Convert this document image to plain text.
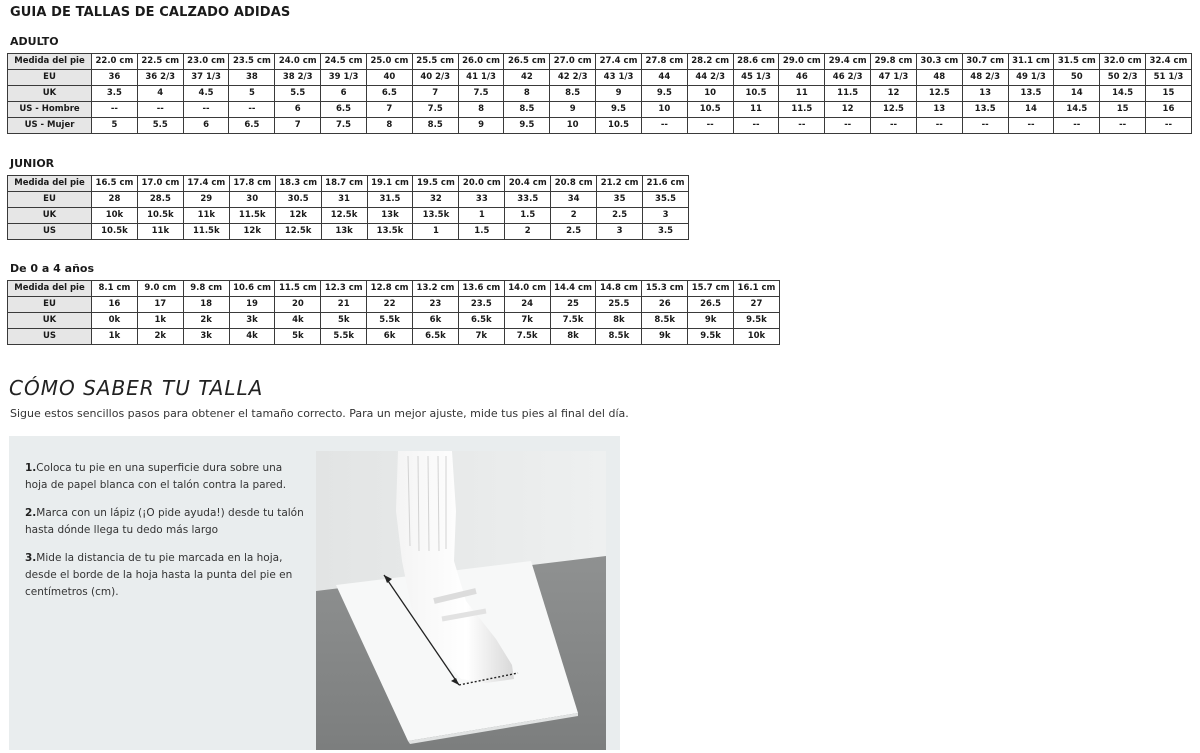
GUIA DE TALLAS DE CALZADO ADIDAS
ADULTO
Medida del pie	22.0 cm	22.5 cm	23.0 cm	23.5 cm	24.0 cm	24.5 cm	25.0 cm	25.5 cm	26.0 cm	26.5 cm	27.0 cm	27.4 cm	27.8 cm	28.2 cm	28.6 cm	29.0 cm	29.4 cm	29.8 cm	30.3 cm	30.7 cm	31.1 cm	31.5 cm	32.0 cm	32.4 cm
EU	36	36 2/3	37 1/3	38	38 2/3	39 1/3	40	40 2/3	41 1/3	42	42 2/3	43 1/3	44	44 2/3	45 1/3	46	46 2/3	47 1/3	48	48 2/3	49 1/3	50	50 2/3	51 1/3
UK	3.5	4	4.5	5	5.5	6	6.5	7	7.5	8	8.5	9	9.5	10	10.5	11	11.5	12	12.5	13	13.5	14	14.5	15
US - Hombre	--	--	--	--	6	6.5	7	7.5	8	8.5	9	9.5	10	10.5	11	11.5	12	12.5	13	13.5	14	14.5	15	16
US - Mujer	5	5.5	6	6.5	7	7.5	8	8.5	9	9.5	10	10.5	--	--	--	--	--	--	--	--	--	--	--	--
JUNIOR
Medida del pie	16.5 cm	17.0 cm	17.4 cm	17.8 cm	18.3 cm	18.7 cm	19.1 cm	19.5 cm	20.0 cm	20.4 cm	20.8 cm	21.2 cm	21.6 cm
EU	28	28.5	29	30	30.5	31	31.5	32	33	33.5	34	35	35.5
UK	10k	10.5k	11k	11.5k	12k	12.5k	13k	13.5k	1	1.5	2	2.5	3
US	10.5k	11k	11.5k	12k	12.5k	13k	13.5k	1	1.5	2	2.5	3	3.5
De 0 a 4 años
Medida del pie	8.1 cm	9.0 cm	9.8 cm	10.6 cm	11.5 cm	12.3 cm	12.8 cm	13.2 cm	13.6 cm	14.0 cm	14.4 cm	14.8 cm	15.3 cm	15.7 cm	16.1 cm
EU	16	17	18	19	20	21	22	23	23.5	24	25	25.5	26	26.5	27
UK	0k	1k	2k	3k	4k	5k	5.5k	6k	6.5k	7k	7.5k	8k	8.5k	9k	9.5k
US	1k	2k	3k	4k	5k	5.5k	6k	6.5k	7k	7.5k	8k	8.5k	9k	9.5k	10k
CÓMO SABER TU TALLA
Sigue estos sencillos pasos para obtener el tamaño correcto. Para un mejor ajuste, mide tus pies al final del día.
1.Coloca tu pie en una superficie dura sobre una hoja de papel blanca con el talón contra la pared.
2.Marca con un lápiz (¡O pide ayuda!) desde tu talón hasta dónde llega tu dedo más largo
3.Mide la distancia de tu pie marcada en la hoja, desde el borde de la hoja hasta la punta del pie en centímetros (cm).
